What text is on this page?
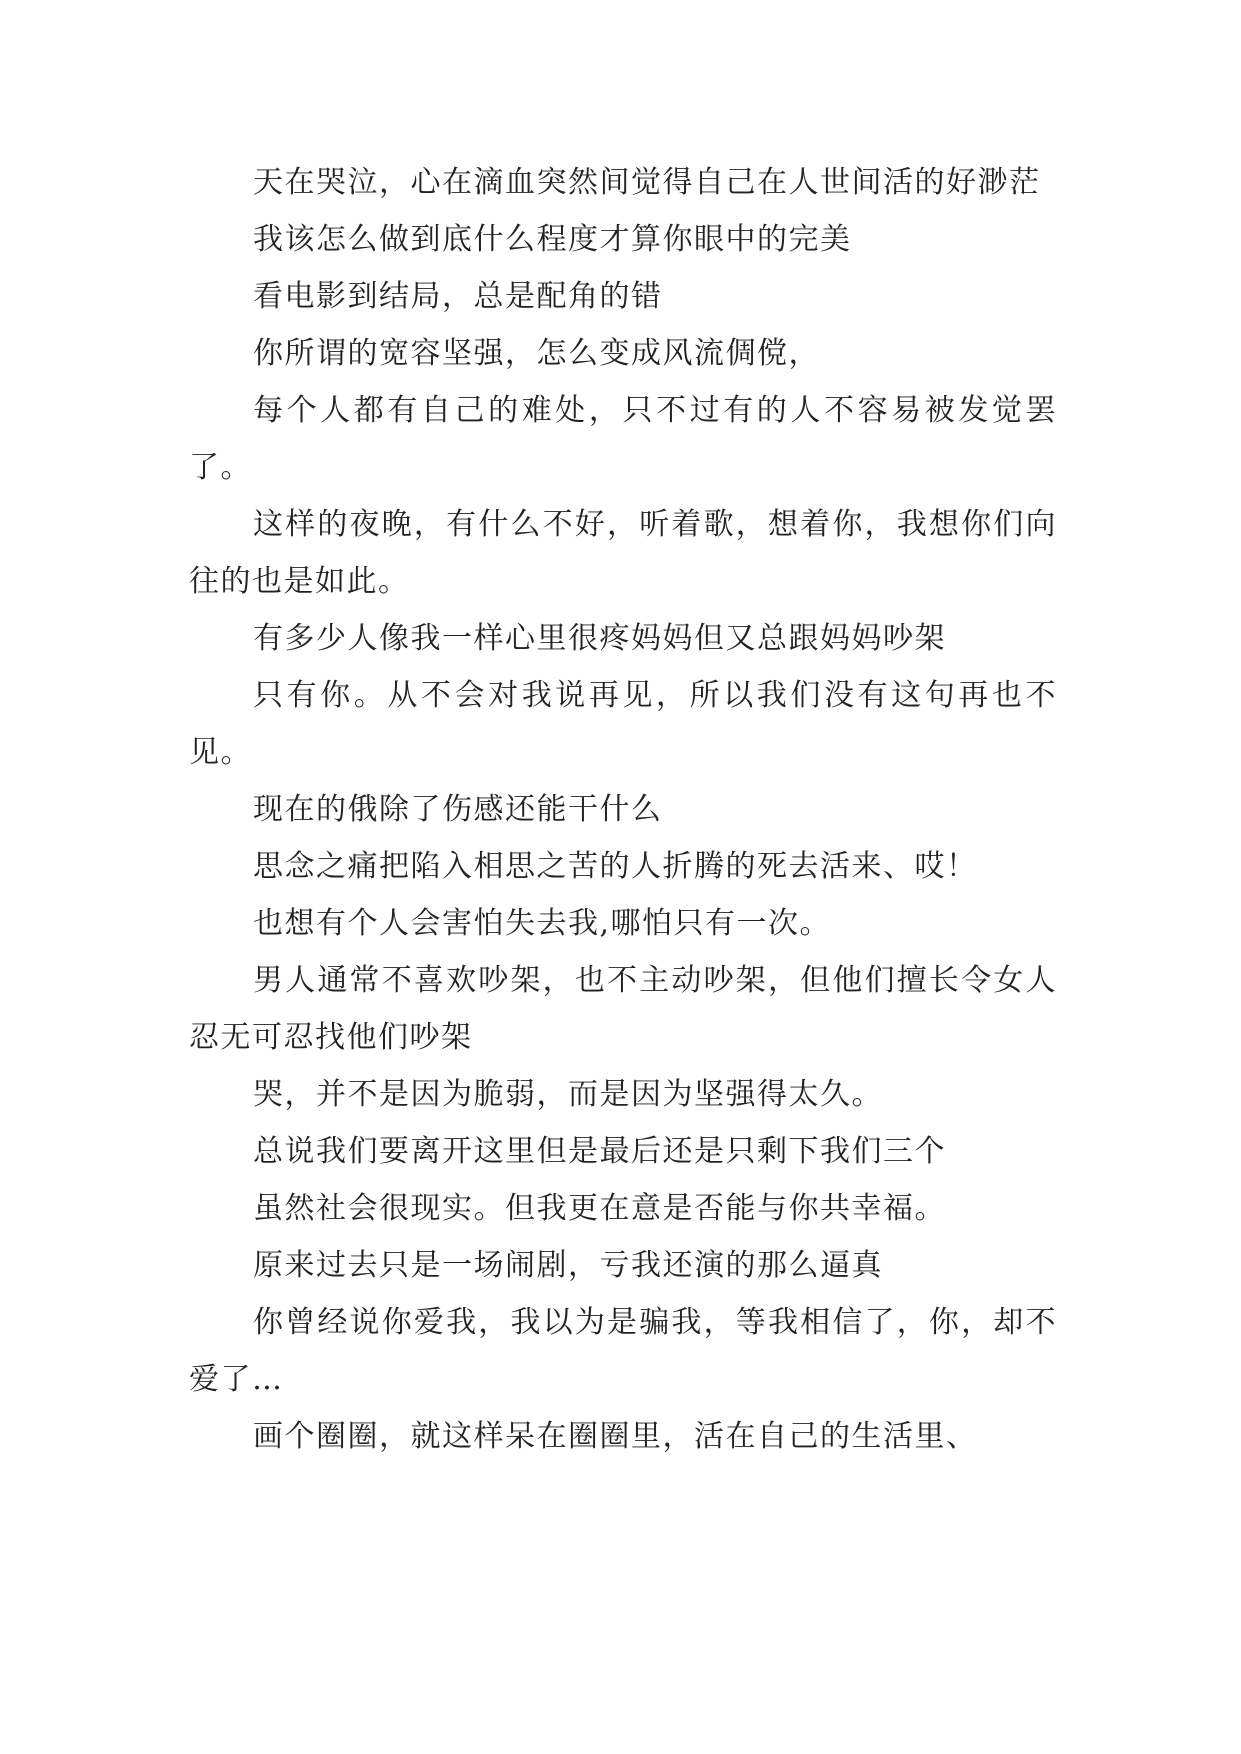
天在哭泣，心在滴血突然间觉得自己在人世间活的好渺茫

我该怎么做到底什么程度才算你眼中的完美

看电影到结局，总是配角的错

你所谓的宽容坚强，怎么变成风流倜傥，

每个人都有自己的难处，只不过有的人不容易被发觉罢了。

这样的夜晚，有什么不好，听着歌，想着你，我想你们向往的也是如此。

有多少人像我一样心里很疼妈妈但又总跟妈妈吵架

只有你。从不会对我说再见，所以我们没有这句再也不见。

现在的俄除了伤感还能干什么

思念之痛把陷入相思之苦的人折腾的死去活来、哎！

也想有个人会害怕失去我,哪怕只有一次。

男人通常不喜欢吵架，也不主动吵架，但他们擅长令女人忍无可忍找他们吵架

哭，并不是因为脆弱，而是因为坚强得太久。

总说我们要离开这里但是最后还是只剩下我们三个

虽然社会很现实。但我更在意是否能与你共幸福。

原来过去只是一场闹剧，亏我还演的那么逼真

你曾经说你爱我，我以为是骗我，等我相信了，你，却不爱了…

画个圈圈，就这样呆在圈圈里，活在自己的生活里、
